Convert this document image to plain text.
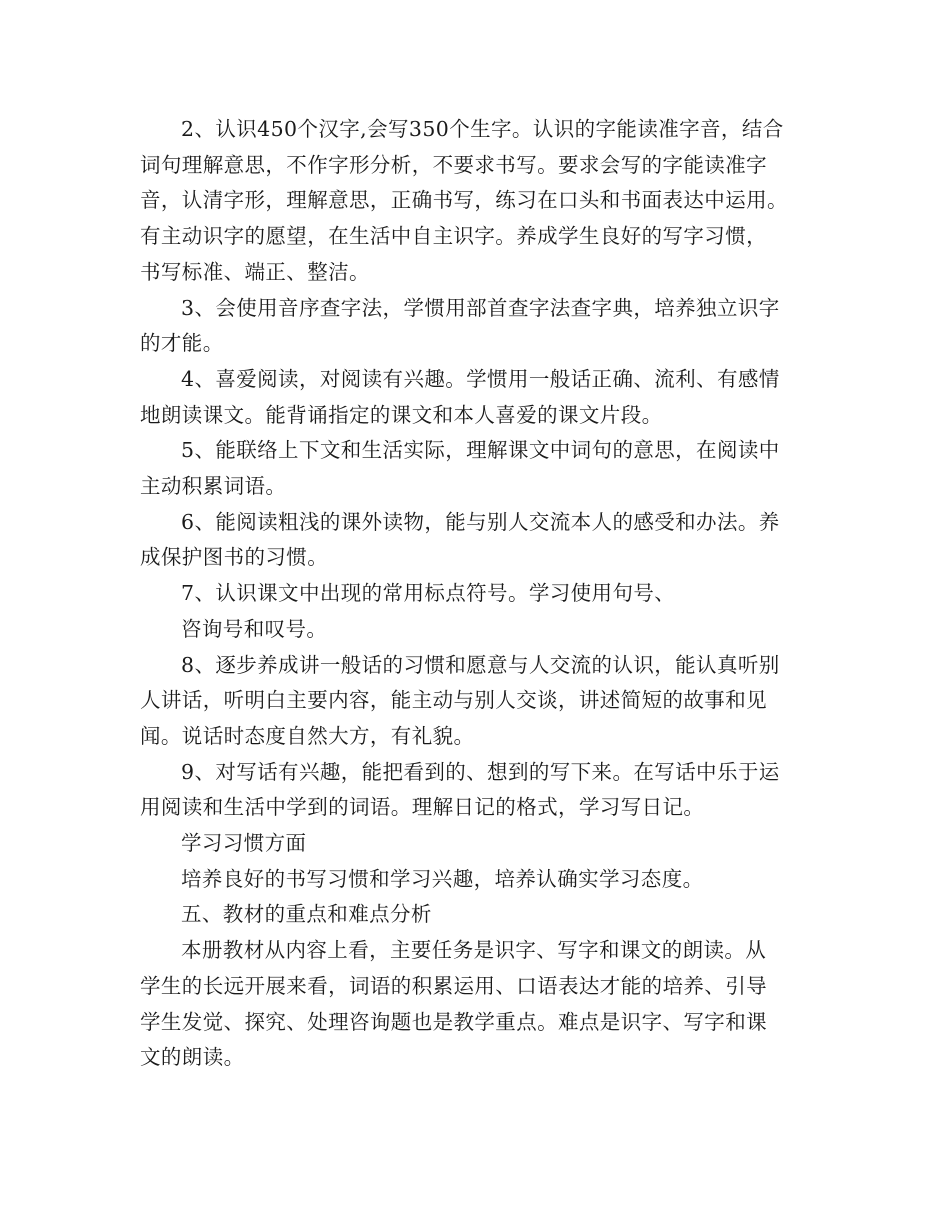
2、认识450个汉字,会写350个生字。认识的字能读准字音，结合
词句理解意思，不作字形分析，不要求书写。要求会写的字能读准字
音，认清字形，理解意思，正确书写，练习在口头和书面表达中运用。
有主动识字的愿望，在生活中自主识字。养成学生良好的写字习惯，
书写标准、端正、整洁。
3、会使用音序查字法，学惯用部首查字法查字典，培养独立识字
的才能。
4、喜爱阅读，对阅读有兴趣。学惯用一般话正确、流利、有感情
地朗读课文。能背诵指定的课文和本人喜爱的课文片段。
5、能联络上下文和生活实际，理解课文中词句的意思，在阅读中
主动积累词语。
6、能阅读粗浅的课外读物，能与别人交流本人的感受和办法。养
成保护图书的习惯。
7、认识课文中出现的常用标点符号。学习使用句号、
咨询号和叹号。
8、逐步养成讲一般话的习惯和愿意与人交流的认识，能认真听别
人讲话，听明白主要内容，能主动与别人交谈，讲述简短的故事和见
闻。说话时态度自然大方，有礼貌。
9、对写话有兴趣，能把看到的、想到的写下来。在写话中乐于运
用阅读和生活中学到的词语。理解日记的格式，学习写日记。
学习习惯方面
培养良好的书写习惯和学习兴趣，培养认确实学习态度。
五、教材的重点和难点分析
本册教材从内容上看，主要任务是识字、写字和课文的朗读。从
学生的长远开展来看，词语的积累运用、口语表达才能的培养、引导
学生发觉、探究、处理咨询题也是教学重点。难点是识字、写字和课
文的朗读。
